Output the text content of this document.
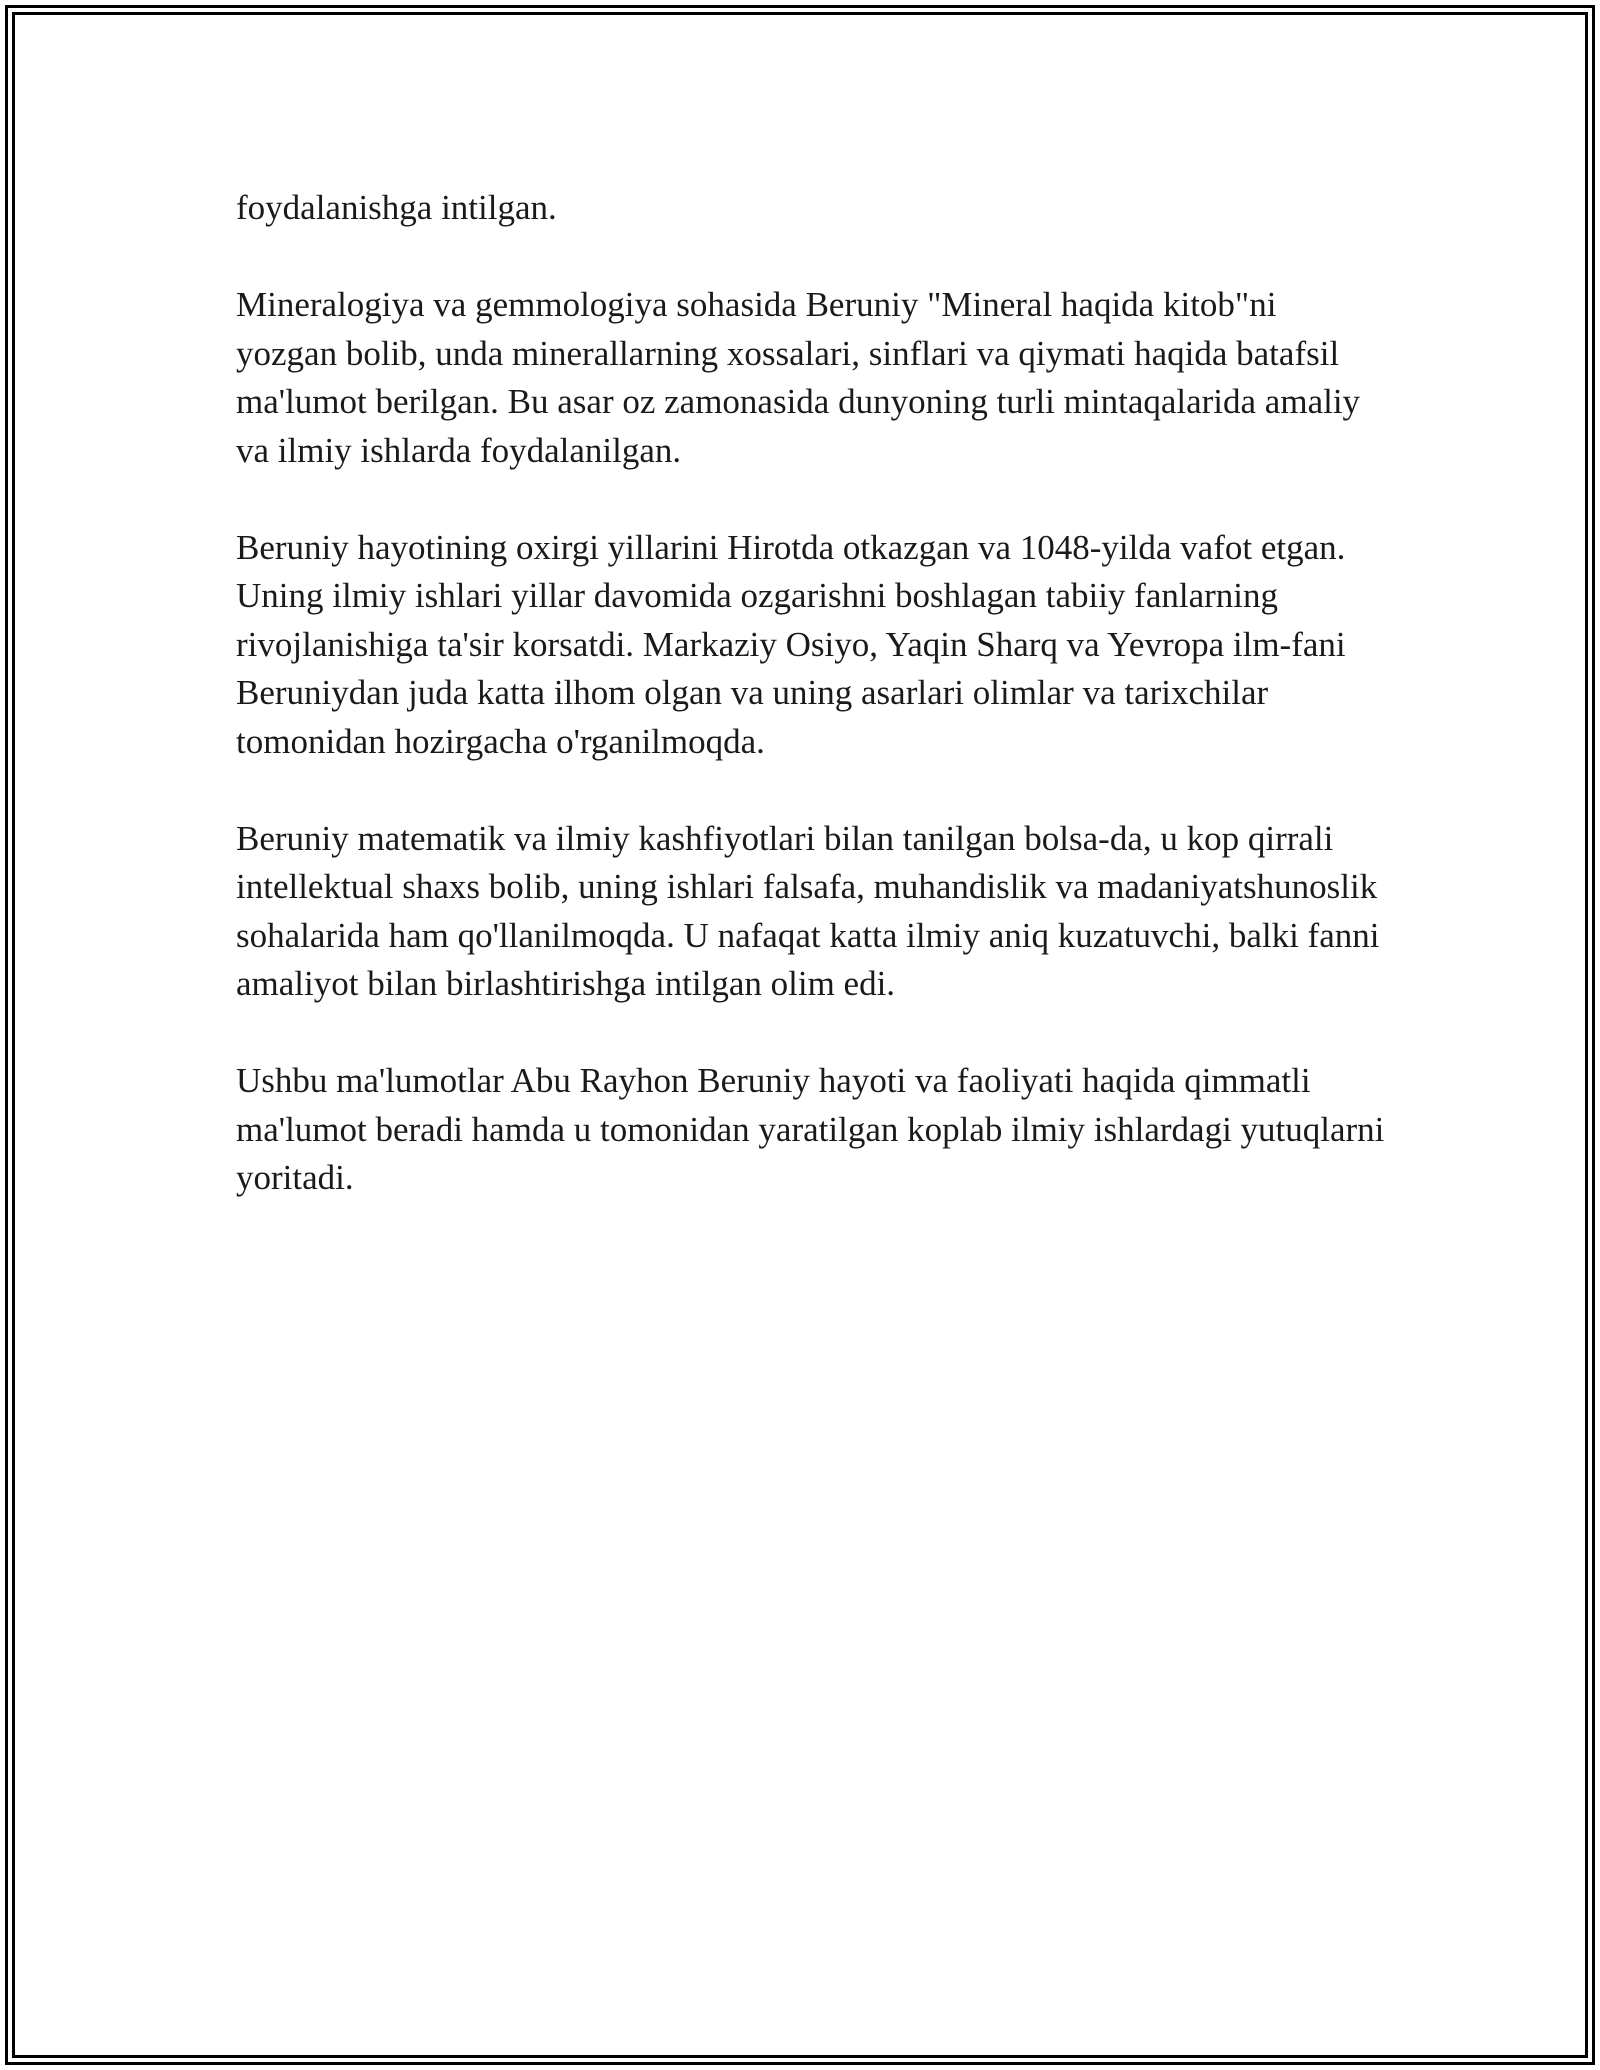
foydalanishga intilgan.

Mineralogiya va gemmologiya sohasida Beruniy "Mineral haqida kitob"ni yozgan bolib, unda minerallarning xossalari, sinflari va qiymati haqida batafsil ma'lumot berilgan. Bu asar oz zamonasida dunyoning turli mintaqalarida amaliy va ilmiy ishlarda foydalanilgan.

Beruniy hayotining oxirgi yillarini Hirotda otkazgan va 1048-yilda vafot etgan. Uning ilmiy ishlari yillar davomida ozgarishni boshlagan tabiiy fanlarning rivojlanishiga ta'sir korsatdi. Markaziy Osiyo, Yaqin Sharq va Yevropa ilm-fani Beruniydan juda katta ilhom olgan va uning asarlari olimlar va tarixchilar tomonidan hozirgacha o'rganilmoqda.

Beruniy matematik va ilmiy kashfiyotlari bilan tanilgan bolsa-da, u kop qirrali intellektual shaxs bolib, uning ishlari falsafa, muhandislik va madaniyatshunoslik sohalarida ham qo'llanilmoqda. U nafaqat katta ilmiy aniq kuzatuvchi, balki fanni amaliyot bilan birlashtirishga intilgan olim edi.

Ushbu ma'lumotlar Abu Rayhon Beruniy hayoti va faoliyati haqida qimmatli ma'lumot beradi hamda u tomonidan yaratilgan koplab ilmiy ishlardagi yutuqlarni yoritadi.
